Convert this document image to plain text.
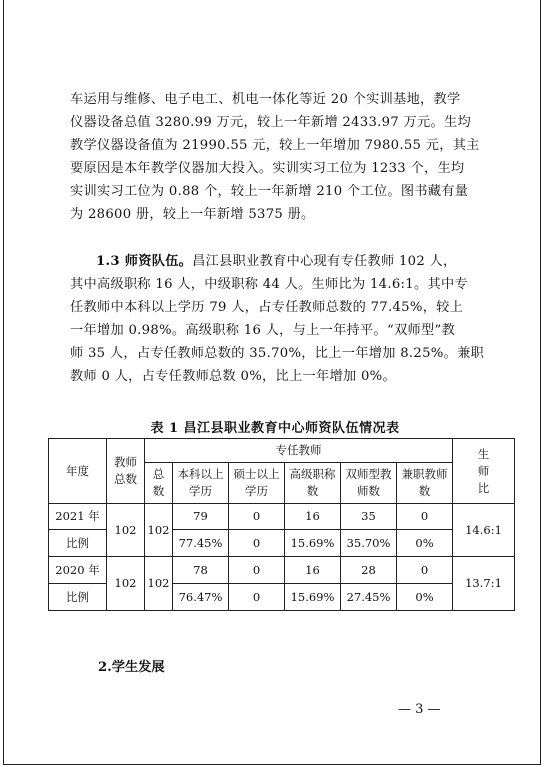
车运用与维修、电子电工、机电一体化等近 20 个实训基地，教学

仪器设备总值 3280.99 万元，较上一年新增 2433.97 万元。生均

教学仪器设备值为 21990.55 元，较上一年增加 7980.55 元，其主

要原因是本年教学仪器加大投入。实训实习工位为 1233 个，生均

实训实习工位为 0.88 个，较上一年新增 210 个工位。图书藏有量

为 28600 册，较上一年新增 5375 册。

1.3 师资队伍。昌江县职业教育中心现有专任教师 102 人，

其中高级职称 16 人，中级职称 44 人。生师比为 14.6:1。其中专

任教师中本科以上学历 79 人，占专任教师总数的 77.45%，较上

一年增加 0.98%。高级职称 16 人，与上一年持平。“双师型”教

师 35 人，占专任教师总数的 35.70%，比上一年增加 8.25%。兼职

教师 0 人，占专任教师总数 0%，比上一年增加 0%。

表 1 昌江县职业教育中心师资队伍情况表
年度	教师总数	专任教师						生师比

		总数	本科以上学历	硕士以上学历	高级职称  数	双师型教师数	兼职教师数	

2021 年	102	102	79	0	16	35	0	14.6:1
比例			77.45%	0	15.69%	35.70%	0%	
2020 年	102	102	78	0	16	28	0	13.7:1
比例			76.47%	0	15.69%	27.45%	0%	
2.学生发展
— 3 —
